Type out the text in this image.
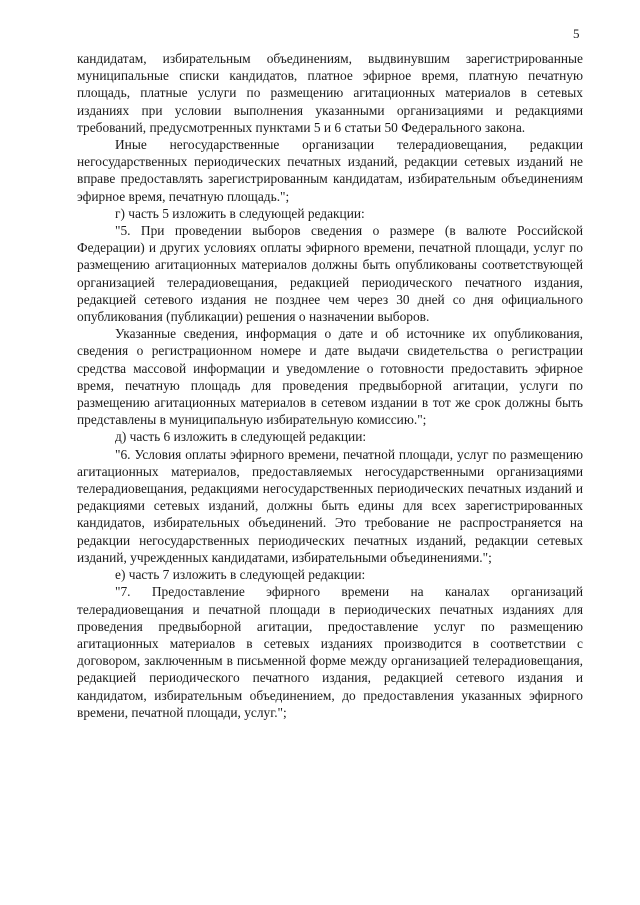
5

кандидатам, избирательным объединениям, выдвинувшим зарегистрированные муниципальные списки кандидатов, платное эфирное время, платную печатную площадь, платные услуги по размещению агитационных материалов в сетевых изданиях при условии выполнения указанными организациями и редакциями требований, предусмотренных пунктами 5 и 6 статьи 50 Федерального закона.

Иные негосударственные организации телерадиовещания, редакции негосударственных периодических печатных изданий, редакции сетевых изданий не вправе предоставлять зарегистрированным кандидатам, избирательным объединениям эфирное время, печатную площадь.";

г) часть 5 изложить в следующей редакции:

"5. При проведении выборов сведения о размере (в валюте Российской Федерации) и других условиях оплаты эфирного времени, печатной площади, услуг по размещению агитационных материалов должны быть опубликованы соответствующей организацией телерадиовещания, редакцией периодического печатного издания, редакцией сетевого издания не позднее чем через 30 дней со дня официального опубликования (публикации) решения о назначении выборов.

Указанные сведения, информация о дате и об источнике их опубликования, сведения о регистрационном номере и дате выдачи свидетельства о регистрации средства массовой информации и уведомление о готовности предоставить эфирное время, печатную площадь для проведения предвыборной агитации, услуги по размещению агитационных материалов в сетевом издании в тот же срок должны быть представлены в муниципальную избирательную комиссию.";

д) часть 6 изложить в следующей редакции:

"6. Условия оплаты эфирного времени, печатной площади, услуг по размещению агитационных материалов, предоставляемых негосударственными организациями телерадиовещания, редакциями негосударственных периодических печатных изданий и редакциями сетевых изданий, должны быть едины для всех зарегистрированных кандидатов, избирательных объединений. Это требование не распространяется на редакции негосударственных периодических печатных изданий, редакции сетевых изданий, учрежденных кандидатами, избирательными объединениями.";

е) часть 7 изложить в следующей редакции:

"7. Предоставление эфирного времени на каналах организаций телерадиовещания и печатной площади в периодических печатных изданиях для проведения предвыборной агитации, предоставление услуг по размещению агитационных материалов в сетевых изданиях производится в соответствии с договором, заключенным в письменной форме между организацией телерадиовещания, редакцией периодического печатного издания, редакцией сетевого издания и кандидатом, избирательным объединением, до предоставления указанных эфирного времени, печатной площади, услуг.";
